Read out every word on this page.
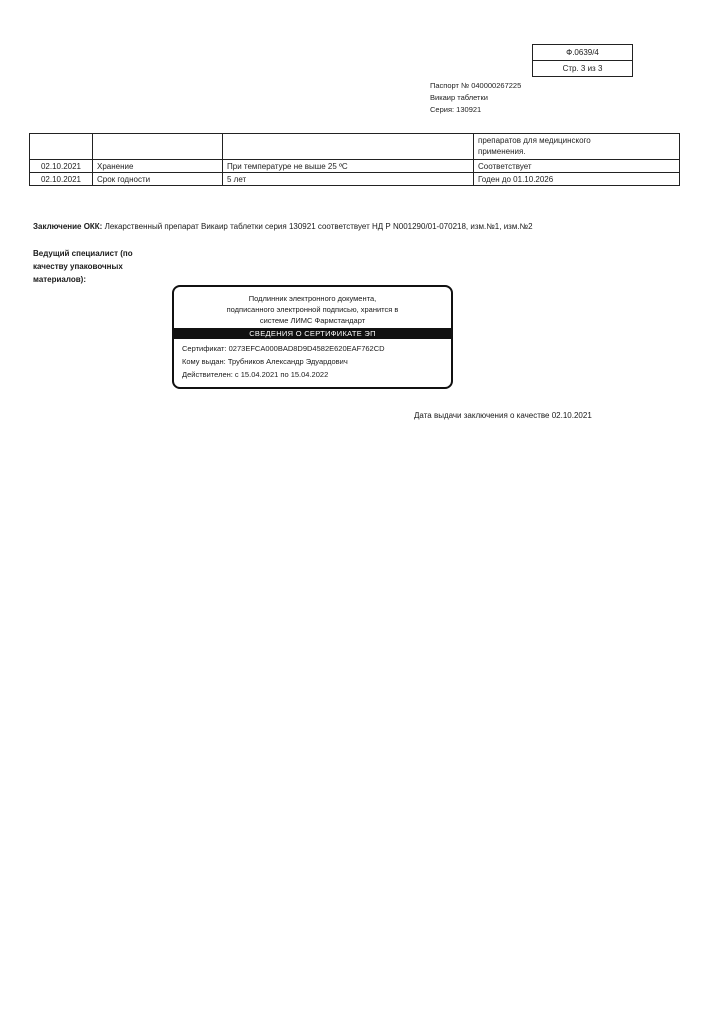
Ф.0639/4
Стр. 3 из 3
Паспорт № 040000267225
Викаир таблетки
Серия: 130921

			препаратов для медицинского
применения.

02.10.2021	Хранение	При температуре не выше 25 ºС	Соответствует
02.10.2021	Срок годности	5 лет	Годен до 01.10.2026
Заключение ОКК: Лекарственный препарат Викаир таблетки серия 130921 соответствует НД Р N001290/01-070218, изм.№1, изм.№2
Ведущий специалист (по качеству упаковочных материалов):
Подлинник электронного документа,
подписанного электронной подписью, хранится в
системе ЛИМС Фармстандарт
СВЕДЕНИЯ О СЕРТИФИКАТЕ ЭП
Сертификат: 0273EFCA000BAD8D9D4582E620EAF762CD
Кому выдан: Трубников Александр Эдуардович
Действителен: с 15.04.2021 по 15.04.2022
Дата выдачи заключения о качестве 02.10.2021
